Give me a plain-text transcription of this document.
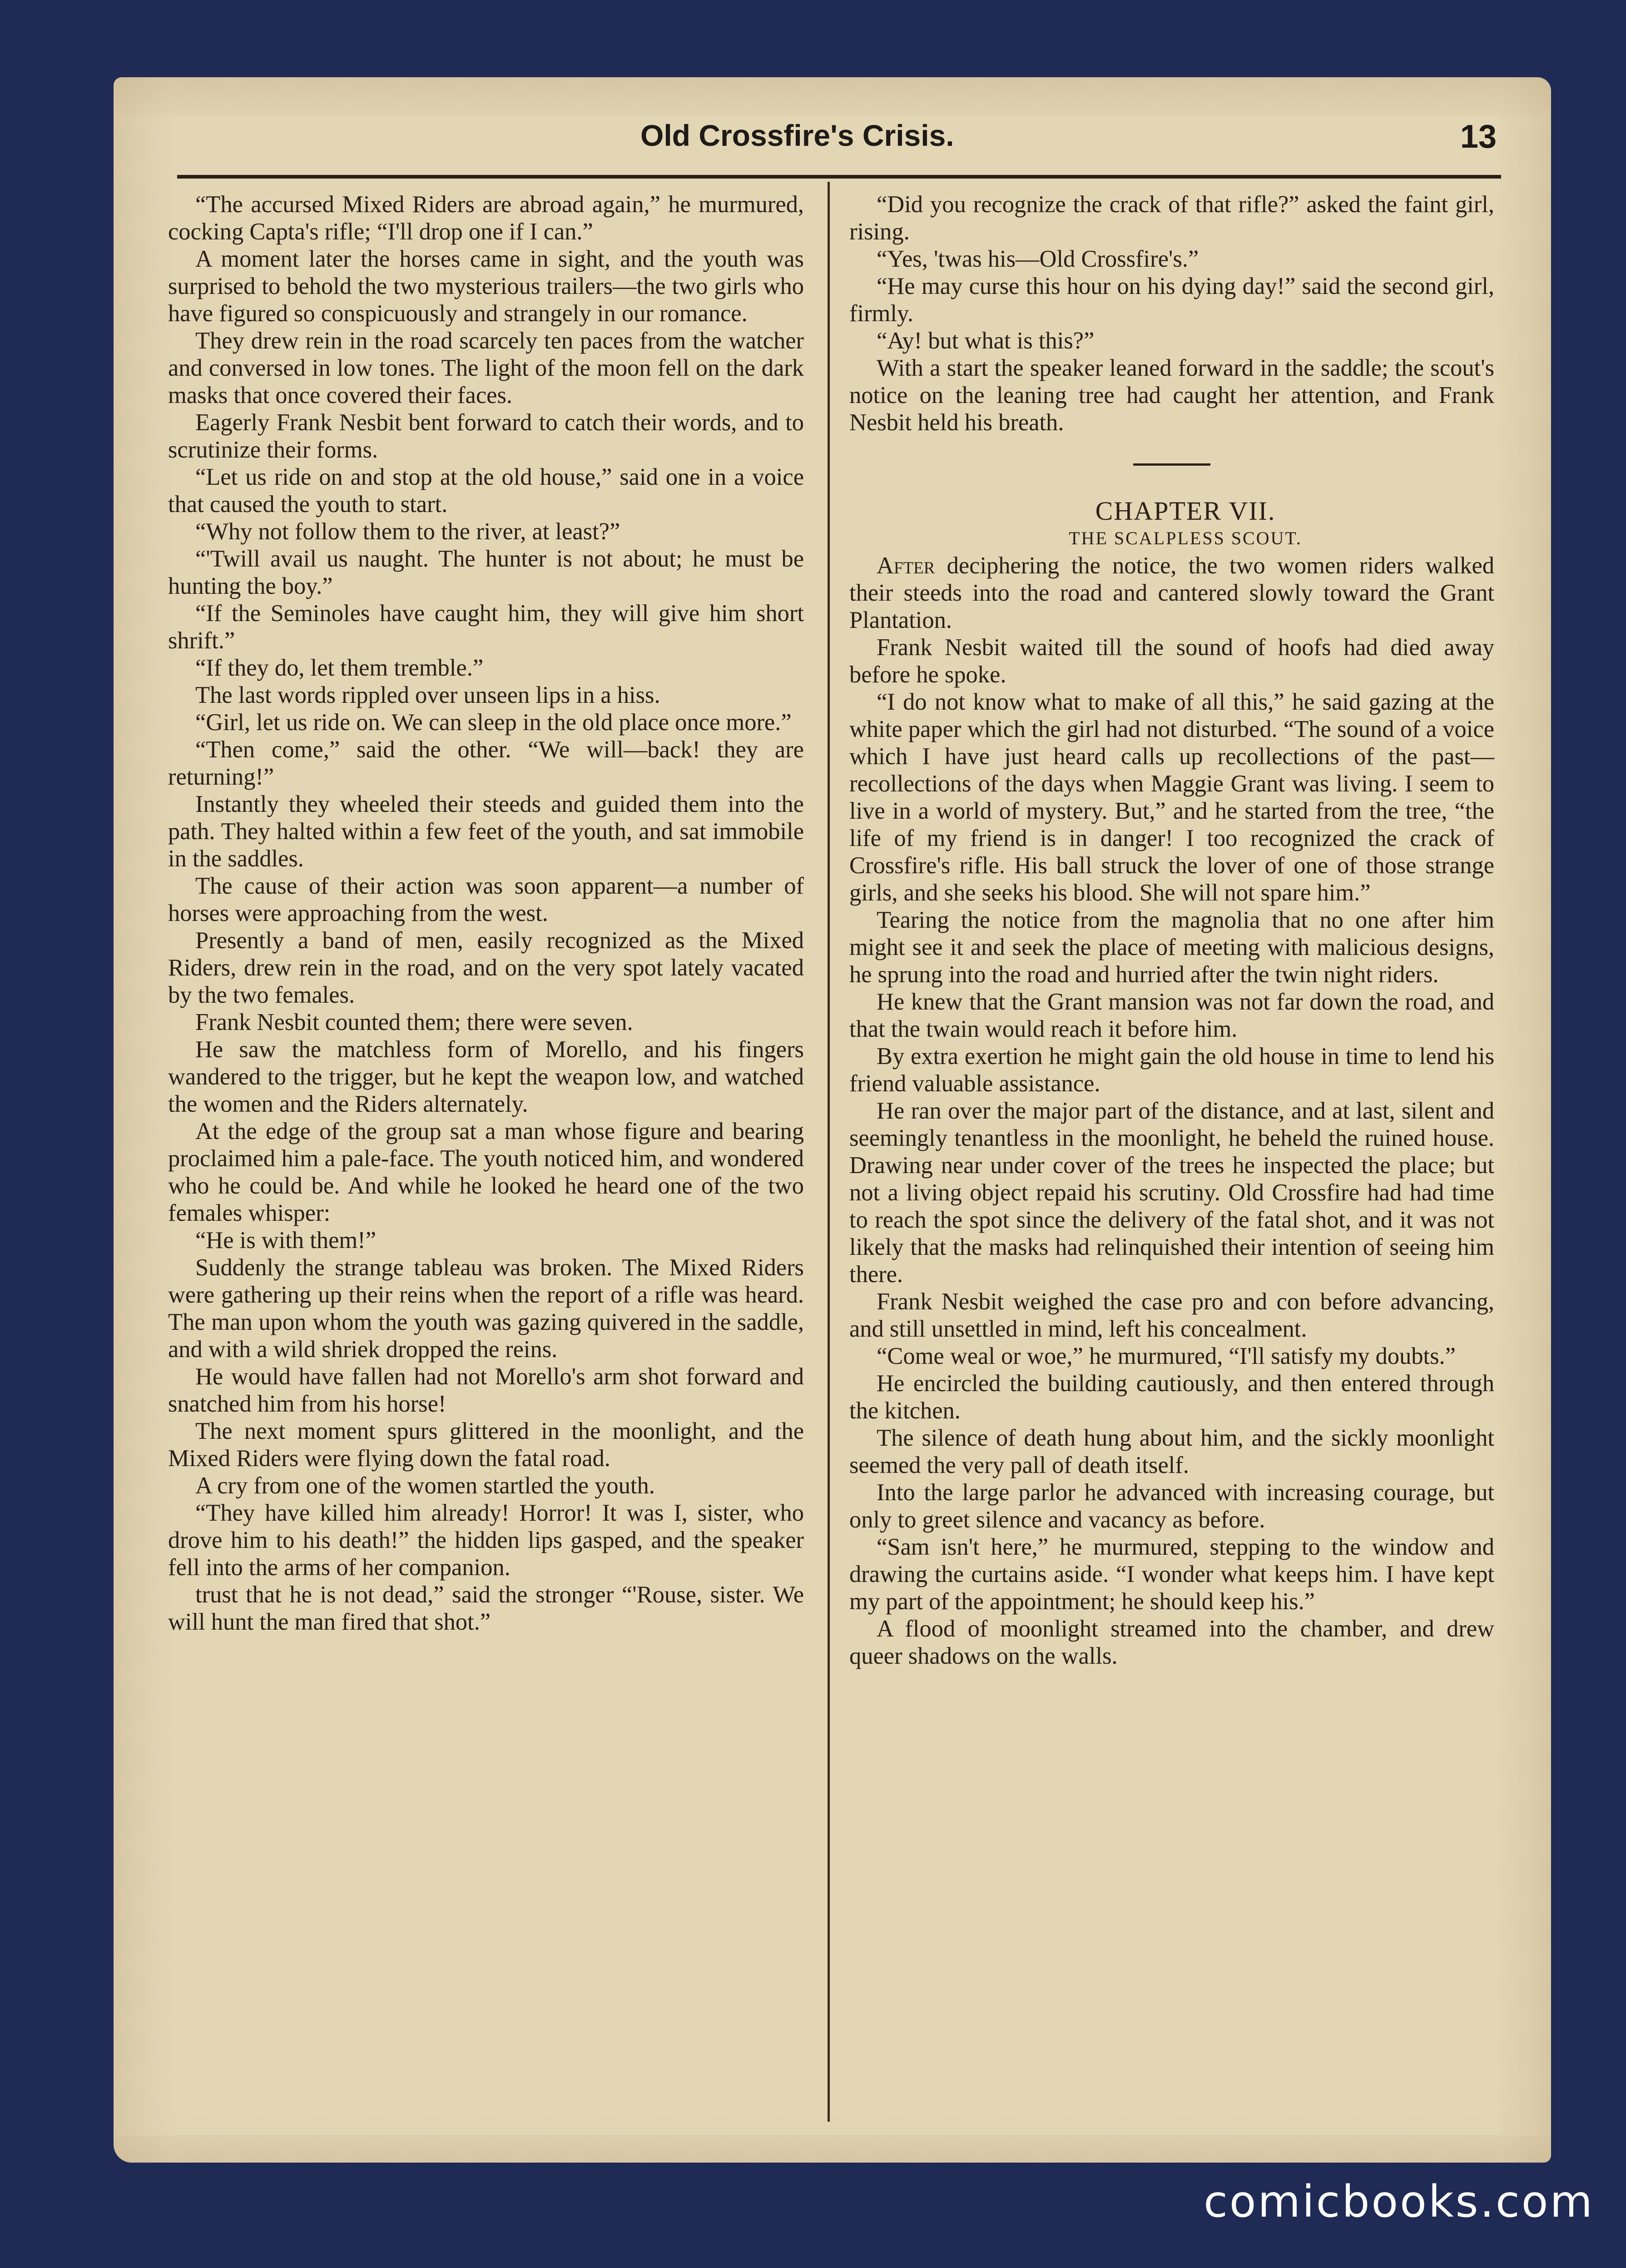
Old Crossfire's Crisis.	13

“The accursed Mixed Riders are abroad again,” he murmured, cocking Capta's rifle; “I'll drop one if I can.”

A moment later the horses came in sight, and the youth was surprised to behold the two mysterious trailers—the two girls who have figured so conspicuously and strangely in our romance.

They drew rein in the road scarcely ten paces from the watcher and conversed in low tones. The light of the moon fell on the dark masks that once covered their faces.

Eagerly Frank Nesbit bent forward to catch their words, and to scrutinize their forms.

“Let us ride on and stop at the old house,” said one in a voice that caused the youth to start.

“Why not follow them to the river, at least?”

“'Twill avail us naught. The hunter is not about; he must be hunting the boy.”

“If the Seminoles have caught him, they will give him short shrift.”

“If they do, let them tremble.”

The last words rippled over unseen lips in a hiss.

“Girl, let us ride on. We can sleep in the old place once more.”

“Then come,” said the other. “We will—back! they are returning!”

Instantly they wheeled their steeds and guided them into the path. They halted within a few feet of the youth, and sat immobile in the saddles.

The cause of their action was soon apparent—a number of horses were approaching from the west.

Presently a band of men, easily recognized as the Mixed Riders, drew rein in the road, and on the very spot lately vacated by the two females.

Frank Nesbit counted them; there were seven.

He saw the matchless form of Morello, and his fingers wandered to the trigger, but he kept the weapon low, and watched the women and the Riders alternately.

At the edge of the group sat a man whose figure and bearing proclaimed him a pale-face. The youth noticed him, and wondered who he could be. And while he looked he heard one of the two females whisper:

“He is with them!”

Suddenly the strange tableau was broken. The Mixed Riders were gathering up their reins when the report of a rifle was heard. The man upon whom the youth was gazing quivered in the saddle, and with a wild shriek dropped the reins.

He would have fallen had not Morello's arm shot forward and snatched him from his horse!

The next moment spurs glittered in the moonlight, and the Mixed Riders were flying down the fatal road.

A cry from one of the women startled the youth.

“They have killed him already! Horror! It was I, sister, who drove him to his death!” the hidden lips gasped, and the speaker fell into the arms of her companion.

trust that he is not dead,” said the stronger “'Rouse, sister. We will hunt the man fired that shot.”

“Did you recognize the crack of that rifle?” asked the faint girl, rising.

“Yes, 'twas his—Old Crossfire's.”

“He may curse this hour on his dying day!” said the second girl, firmly.

“Ay! but what is this?”

With a start the speaker leaned forward in the saddle; the scout's notice on the leaning tree had caught her attention, and Frank Nesbit held his breath.

CHAPTER VII.

THE SCALPLESS SCOUT.

After deciphering the notice, the two women riders walked their steeds into the road and cantered slowly toward the Grant Plantation.

Frank Nesbit waited till the sound of hoofs had died away before he spoke.

“I do not know what to make of all this,” he said gazing at the white paper which the girl had not disturbed. “The sound of a voice which I have just heard calls up recollections of the past—recollections of the days when Maggie Grant was living. I seem to live in a world of mystery. But,” and he started from the tree, “the life of my friend is in danger! I too recognized the crack of Crossfire's rifle. His ball struck the lover of one of those strange girls, and she seeks his blood. She will not spare him.”

Tearing the notice from the magnolia that no one after him might see it and seek the place of meeting with malicious designs, he sprung into the road and hurried after the twin night riders.

He knew that the Grant mansion was not far down the road, and that the twain would reach it before him.

By extra exertion he might gain the old house in time to lend his friend valuable assistance.

He ran over the major part of the distance, and at last, silent and seemingly tenantless in the moonlight, he beheld the ruined house. Drawing near under cover of the trees he inspected the place; but not a living object repaid his scrutiny. Old Crossfire had had time to reach the spot since the delivery of the fatal shot, and it was not likely that the masks had relinquished their intention of seeing him there.

Frank Nesbit weighed the case pro and con before advancing, and still unsettled in mind, left his concealment.

“Come weal or woe,” he murmured, “I'll satisfy my doubts.”

He encircled the building cautiously, and then entered through the kitchen.

The silence of death hung about him, and the sickly moonlight seemed the very pall of death itself.

Into the large parlor he advanced with increasing courage, but only to greet silence and vacancy as before.

“Sam isn't here,” he murmured, stepping to the window and drawing the curtains aside. “I wonder what keeps him. I have kept my part of the appointment; he should keep his.”

A flood of moonlight streamed into the chamber, and drew queer shadows on the walls.

comicbooks.com
